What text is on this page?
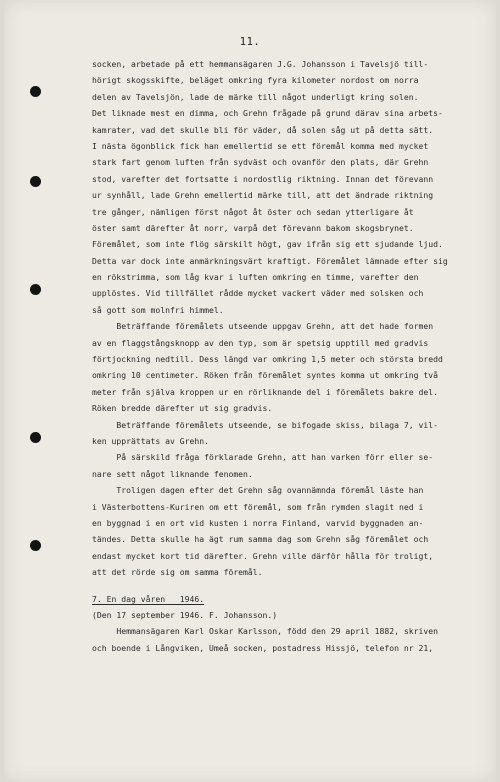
11.
socken, arbetade på ett hemmansägaren J.G. Johansson i Tavelsjö till-
hörigt skogsskifte, beläget omkring fyra kilometer nordost om norra
delen av Tavelsjön, lade de märke till något underligt kring solen.
Det liknade mest en dimma, och Grehn frågade på grund därav sina arbets-
kamrater, vad det skulle bli för väder, då solen såg ut på detta sätt.
I nästa ögonblick fick han emellertid se ett föremål komma med mycket
stark fart genom luften från sydväst och ovanför den plats, där Grehn
stod, varefter det fortsatte i nordostlig riktning. Innan det förevann
ur synhåll, lade Grehn emellertid märke till, att det ändrade riktning
tre gånger, nämligen först något åt öster och sedan ytterligare åt
öster samt därefter åt norr, varpå det förevann bakom skogsbrynet.
Föremålet, som inte flög särskilt högt, gav ifrån sig ett sjudande ljud.
Detta var dock inte anmärkningsvärt kraftigt. Föremålet lämnade efter sig
en rökstrimma, som låg kvar i luften omkring en timme, varefter den
upplöstes. Vid tillfället rådde mycket vackert väder med solsken och
så gott som molnfri himmel.
Beträffande föremålets utseende uppgav Grehn, att det hade formen
av en flaggstångsknopp av den typ, som är spetsig upptill med gradvis
förtjockning nedtill. Dess längd var omkring 1,5 meter och största bredd
omkring 10 centimeter. Röken från föremålet syntes komma ut omkring två
meter från själva kroppen ur en rörliknande del i föremålets bakre del.
Röken bredde därefter ut sig gradvis.
Beträffande föremålets utseende, se bifogade skiss, bilaga 7, vil-
ken upprättats av Grehn.
På särskild fråga förklarade Grehn, att han varken förr eller se-
nare sett något liknande fenomen.
Troligen dagen efter det Grehn såg ovannämnda föremål läste han
i Västerbottens-Kuriren om ett föremål, som från rymden slagit ned i
en byggnad i en ort vid kusten i norra Finland, varvid byggnaden an-
tändes. Detta skulle ha ägt rum samma dag som Grehn såg föremålet och
endast mycket kort tid därefter. Grehn ville därför hålla för troligt,
att det rörde sig om samma föremål.
7. En dag våren   1946.
(Den 17 september 1946. F. Johansson.)
Hemmansägaren Karl Oskar Karlsson, född den 29 april 1882, skriven
och boende i Långviken, Umeå socken, postadress Hissjö, telefon nr 21,
